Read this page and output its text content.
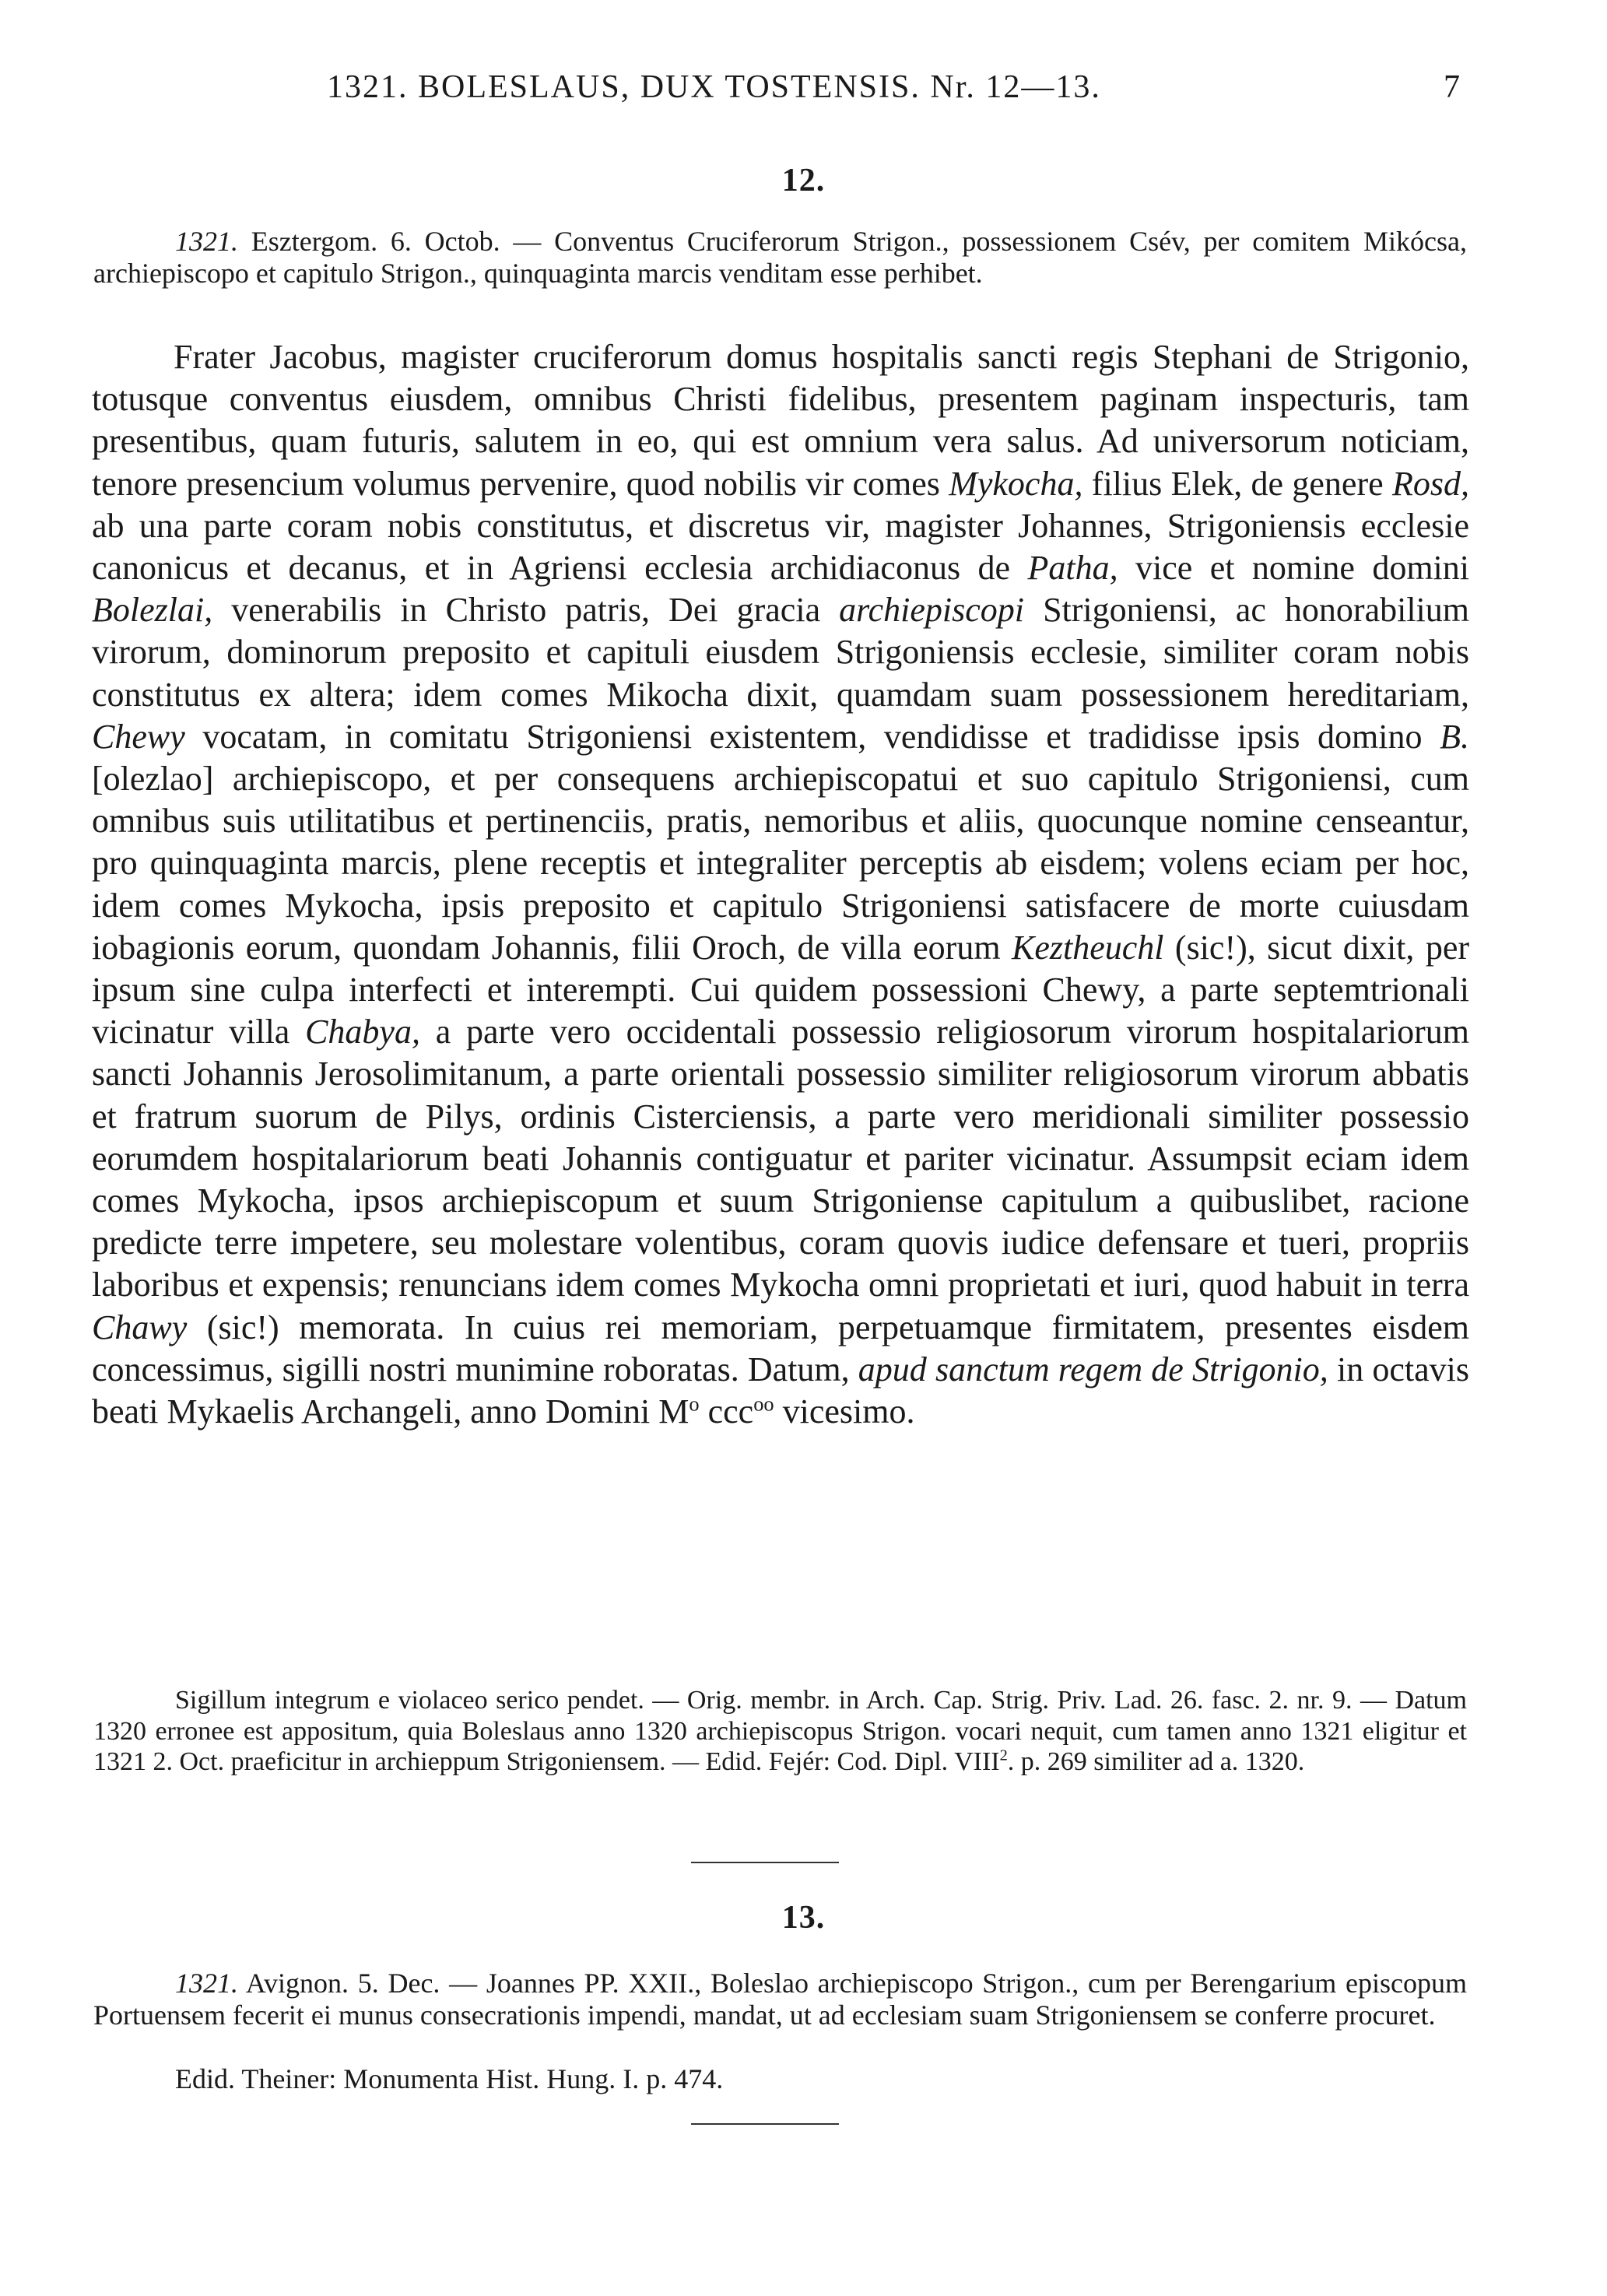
1321. BOLESLAUS, DUX TOSTENSIS. Nr. 12—13.	7
12.
1321. Esztergom. 6. Octob. — Conventus Cruciferorum Strigon., possessionem Csév, per comitem Mikócsa, archiepiscopo et capitulo Strigon., quinquaginta marcis venditam esse perhibet.
Frater Jacobus, magister cruciferorum domus hospitalis sancti regis Stephani de Strigonio, totusque conventus eiusdem, omnibus Christi fidelibus, presentem paginam inspecturis, tam presentibus, quam futuris, salutem in eo, qui est omnium vera salus. Ad universorum noticiam, tenore presencium volumus pervenire, quod nobilis vir comes Mykocha, filius Elek, de genere Rosd, ab una parte coram nobis constitutus, et discretus vir, magister Johannes, Strigoniensis ecclesie canonicus et decanus, et in Agriensi ecclesia archidiaconus de Patha, vice et nomine domini Bolezlai, venerabilis in Christo patris, Dei gracia archiepiscopi Strigoniensi, ac honorabilium virorum, dominorum preposito et capituli eiusdem Strigoniensis ecclesie, similiter coram nobis constitutus ex altera; idem comes Mikocha dixit, quamdam suam possessionem hereditariam, Chewy vocatam, in comitatu Strigoniensi existentem, vendidisse et tradidisse ipsis domino B.[olezlao] archiepiscopo, et per consequens archiepiscopatui et suo capitulo Strigoniensi, cum omnibus suis utilitatibus et pertinenciis, pratis, nemoribus et aliis, quocunque nomine censeantur, pro quinquaginta marcis, plene receptis et integraliter perceptis ab eisdem; volens eciam per hoc, idem comes Mykocha, ipsis preposito et capitulo Strigoniensi satisfacere de morte cuiusdam iobagionis eorum, quondam Johannis, filii Oroch, de villa eorum Keztheuchl (sic!), sicut dixit, per ipsum sine culpa interfecti et interempti. Cui quidem possessioni Chewy, a parte septemtrionali vicinatur villa Chabya, a parte vero occidentali possessio religiosorum virorum hospitalariorum sancti Johannis Jerosolimitanum, a parte orientali possessio similiter religiosorum virorum abbatis et fratrum suorum de Pilys, ordinis Cisterciensis, a parte vero meridionali similiter possessio eorumdem hospitalariorum beati Johannis contiguatur et pariter vicinatur. Assumpsit eciam idem comes Mykocha, ipsos archiepiscopum et suum Strigoniense capitulum a quibuslibet, racione predicte terre impetere, seu molestare volentibus, coram quovis iudice defensare et tueri, propriis laboribus et expensis; renuncians idem comes Mykocha omni proprietati et iuri, quod habuit in terra Chawy (sic!) memorata. In cuius rei memoriam, perpetuamque firmitatem, presentes eisdem concessimus, sigilli nostri munimine roboratas. Datum, apud sanctum regem de Strigonio, in octavis beati Mykaelis Archangeli, anno Domini $M^o$ ccc$^{oo}$ vicesimo.
Sigillum integrum e violaceo serico pendet. — Orig. membr. in Arch. Cap. Strig. Priv. Lad. 26. fasc. 2. nr. 9. — Datum 1320 erronee est appositum, quia Boleslaus anno 1320 archiepiscopus Strigon. vocari nequit, cum tamen anno 1321 eligitur et 1321 2. Oct. praeficitur in archieppum Strigoniensem. — Edid. Fejér: Cod. Dipl. VIII$^2$. p. 269 similiter ad a. 1320.
13.
1321. Avignon. 5. Dec. — Joannes PP. XXII., Boleslao archiepiscopo Strigon., cum per Berengarium episcopum Portuensem fecerit ei munus consecrationis impendi, mandat, ut ad ecclesiam suam Strigoniensem se conferre procuret.
Edid. Theiner: Monumenta Hist. Hung. I. p. 474.
